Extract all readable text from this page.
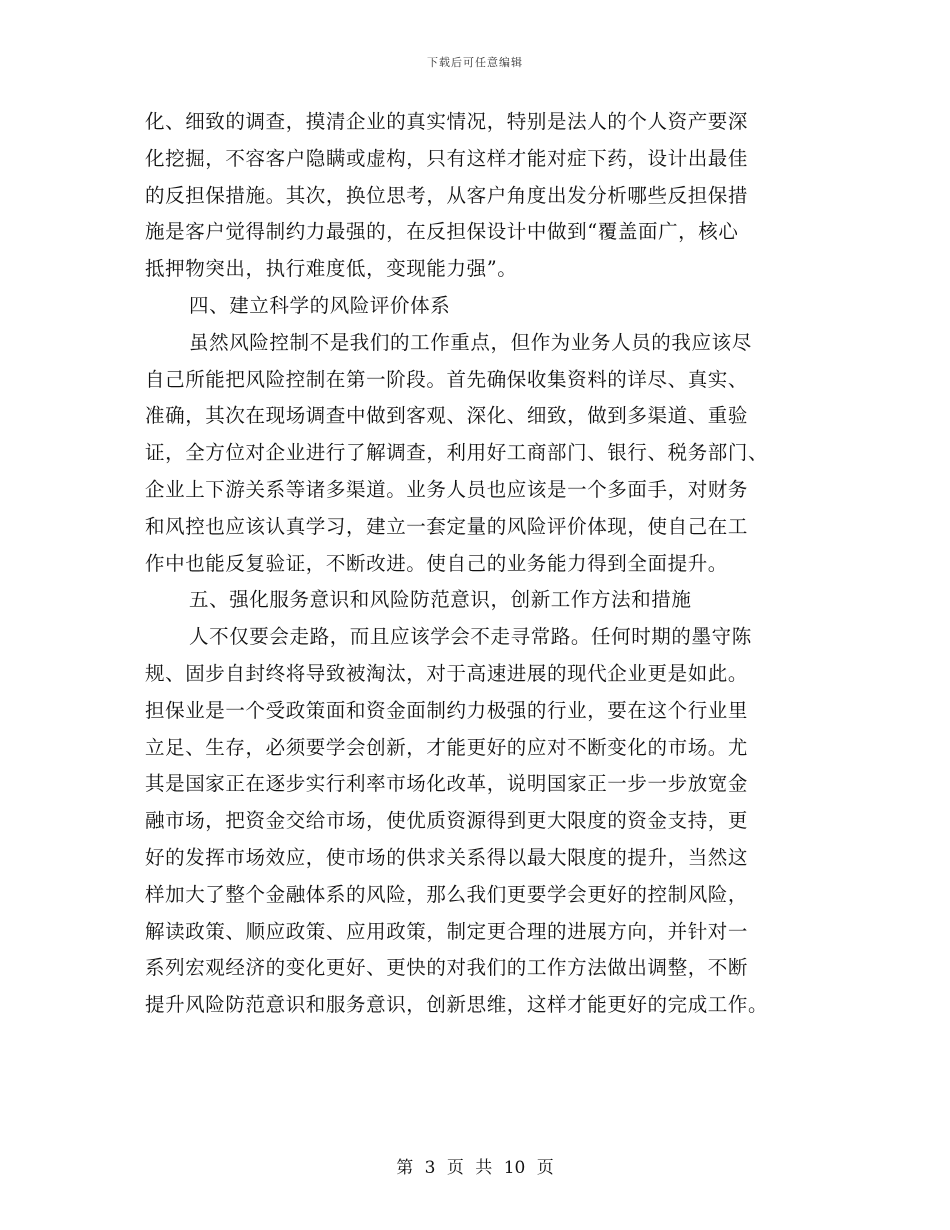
下载后可任意编辑
化、细致的调查，摸清企业的真实情况，特别是法人的个人资产要深
化挖掘，不容客户隐瞒或虚构，只有这样才能对症下药，设计出最佳
的反担保措施。其次，换位思考，从客户角度出发分析哪些反担保措
施是客户觉得制约力最强的，在反担保设计中做到“覆盖面广，核心
抵押物突出，执行难度低，变现能力强”。
四、建立科学的风险评价体系
虽然风险控制不是我们的工作重点，但作为业务人员的我应该尽
自己所能把风险控制在第一阶段。首先确保收集资料的详尽、真实、
准确，其次在现场调查中做到客观、深化、细致，做到多渠道、重验
证，全方位对企业进行了解调查，利用好工商部门、银行、税务部门、
企业上下游关系等诸多渠道。业务人员也应该是一个多面手，对财务
和风控也应该认真学习，建立一套定量的风险评价体现，使自己在工
作中也能反复验证，不断改进。使自己的业务能力得到全面提升。
五、强化服务意识和风险防范意识，创新工作方法和措施
人不仅要会走路，而且应该学会不走寻常路。任何时期的墨守陈
规、固步自封终将导致被淘汰，对于高速进展的现代企业更是如此。
担保业是一个受政策面和资金面制约力极强的行业，要在这个行业里
立足、生存，必须要学会创新，才能更好的应对不断变化的市场。尤
其是国家正在逐步实行利率市场化改革，说明国家正一步一步放宽金
融市场，把资金交给市场，使优质资源得到更大限度的资金支持，更
好的发挥市场效应，使市场的供求关系得以最大限度的提升，当然这
样加大了整个金融体系的风险，那么我们更要学会更好的控制风险，
解读政策、顺应政策、应用政策，制定更合理的进展方向，并针对一
系列宏观经济的变化更好、更快的对我们的工作方法做出调整，不断
提升风险防范意识和服务意识，创新思维，这样才能更好的完成工作。
第 3 页 共 10 页
